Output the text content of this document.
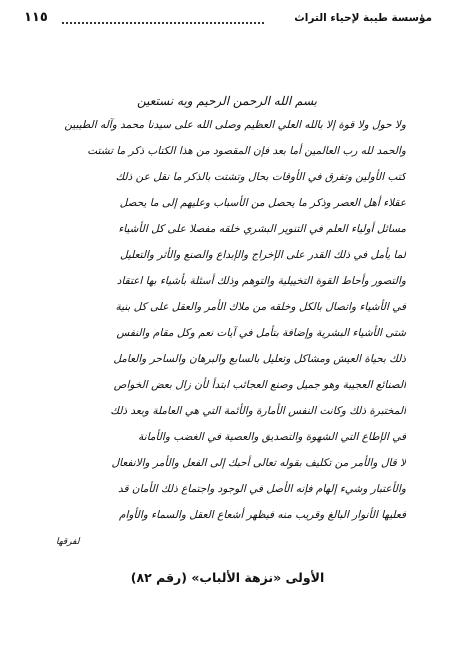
مؤسسة طيبة لإحياء التراث
١١٥
بسم الله الرحمن الرحيم وبه نستعين
ولا حول ولا قوة إلا بالله العلي العظيم وصلى الله على سيدنا محمد وآله الطيبين
والحمد لله رب العالمين أما بعد فإن المقصود من هذا الكتاب ذكر ما تشتت
كتب الأولين وتفرق في الأوقات بحال وتشتت بالذكر ما نقل عن ذلك
عقلاء أهل العصر وذكر ما يحصل من الأسباب وعليهم إلى ما يحصل
مسائل أولياء العلم في التنوير البشري خلقه مفصلا على كل الأشياء
لما يأمل في ذلك القدر على الإخراج والإبداع والصنع والأثر والتعليل
والتصور وأحاط القوة التخييلية والتوهم وذلك أسئلة بأشياء بها اعتقاد
في الأشياء واتصال بالكل وخلقه من ملاك الأمر والعقل على كل بنية
شتى الأشياء البشرية وإضافة بتأمل في آيات نعم وكل مقام والنفس
ذلك بحياة العيش ومشاكل وتعليل بالسابع والبرهان والساحر والعامل
الصنائع العجيبة وهو جميل وصنع العجائب ابتدأ لأن زال بعض الخواص
المختبرة ذلك وكانت النفس الأمارة والأئمة التي هي العاملة وبعد ذلك
في الإطاع التي الشهوة والتصديق والعصية في الغضب والأمانة
لا قال والأمر من تكليف بقوله تعالى أحبك إلى الفعل والأمر والانفعال
والأعتبار وشيء إلهام فإنه الأصل في الوجود واجتماع ذلك الأمان قد
فعليها الأنوار البالغ وقريب منه فيظهر أشعاع العقل والسماء والأوام
لفرقها
الأولى «نزهة الألباب» (رقم ٨٢)
